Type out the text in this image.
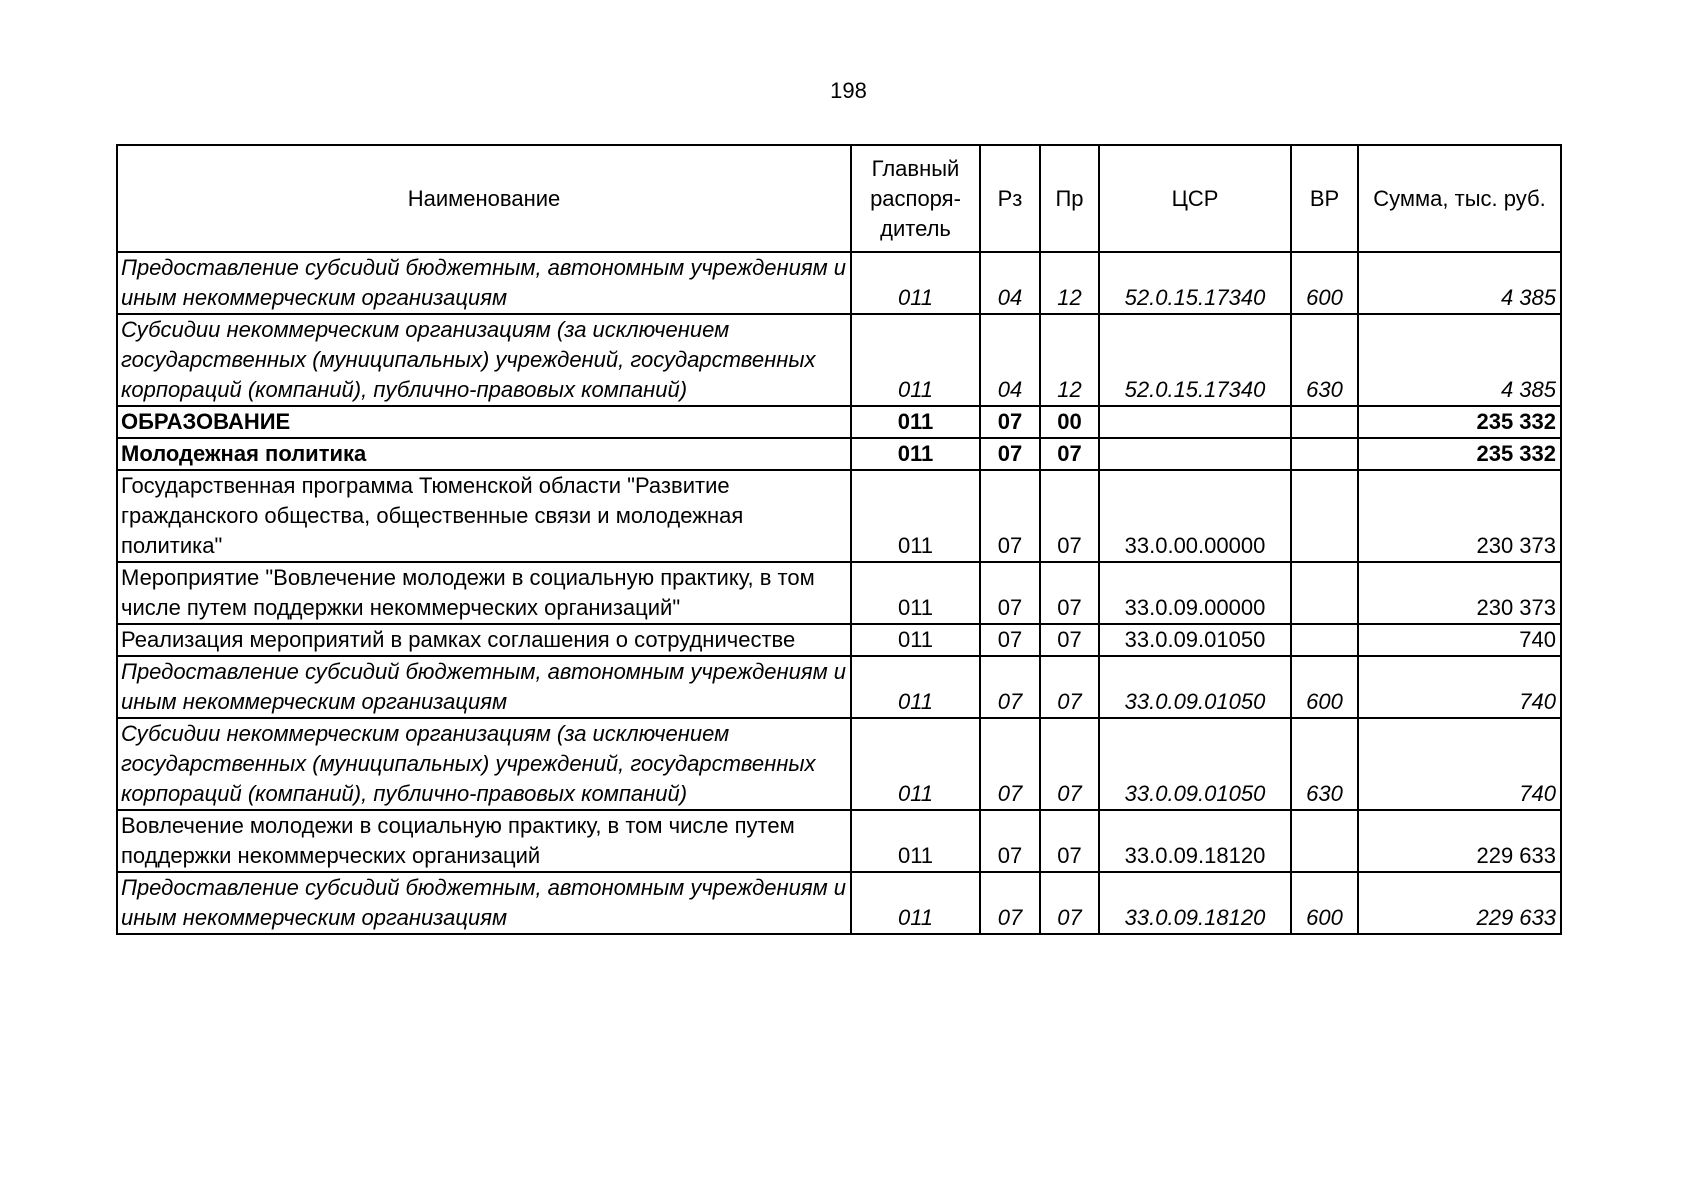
198
Наименование	Главный распоря-дитель	Рз	Пр	ЦСР	ВР	Сумма, тыс. руб.
Предоставление субсидий бюджетным, автономным учреждениям и иным некоммерческим организациям	011	04	12	52.0.15.17340	600	4 385
Субсидии некоммерческим организациям (за исключением государственных (муниципальных) учреждений, государственных корпораций (компаний), публично-правовых компаний)	011	04	12	52.0.15.17340	630	4 385
ОБРАЗОВАНИЕ	011	07	00			235 332
Молодежная политика	011	07	07			235 332
Государственная программа Тюменской области "Развитие гражданского общества, общественные связи и молодежная политика"	011	07	07	33.0.00.00000		230 373
Мероприятие "Вовлечение молодежи в социальную практику, в том числе путем поддержки некоммерческих организаций"	011	07	07	33.0.09.00000		230 373
Реализация мероприятий в рамках соглашения о сотрудничестве	011	07	07	33.0.09.01050		740
Предоставление субсидий бюджетным, автономным учреждениям и иным некоммерческим организациям	011	07	07	33.0.09.01050	600	740
Субсидии некоммерческим организациям (за исключением государственных (муниципальных) учреждений, государственных корпораций (компаний), публично-правовых компаний)	011	07	07	33.0.09.01050	630	740
Вовлечение молодежи в социальную практику, в том числе путем поддержки некоммерческих организаций	011	07	07	33.0.09.18120		229 633
Предоставление субсидий бюджетным, автономным учреждениям и иным некоммерческим организациям	011	07	07	33.0.09.18120	600	229 633
